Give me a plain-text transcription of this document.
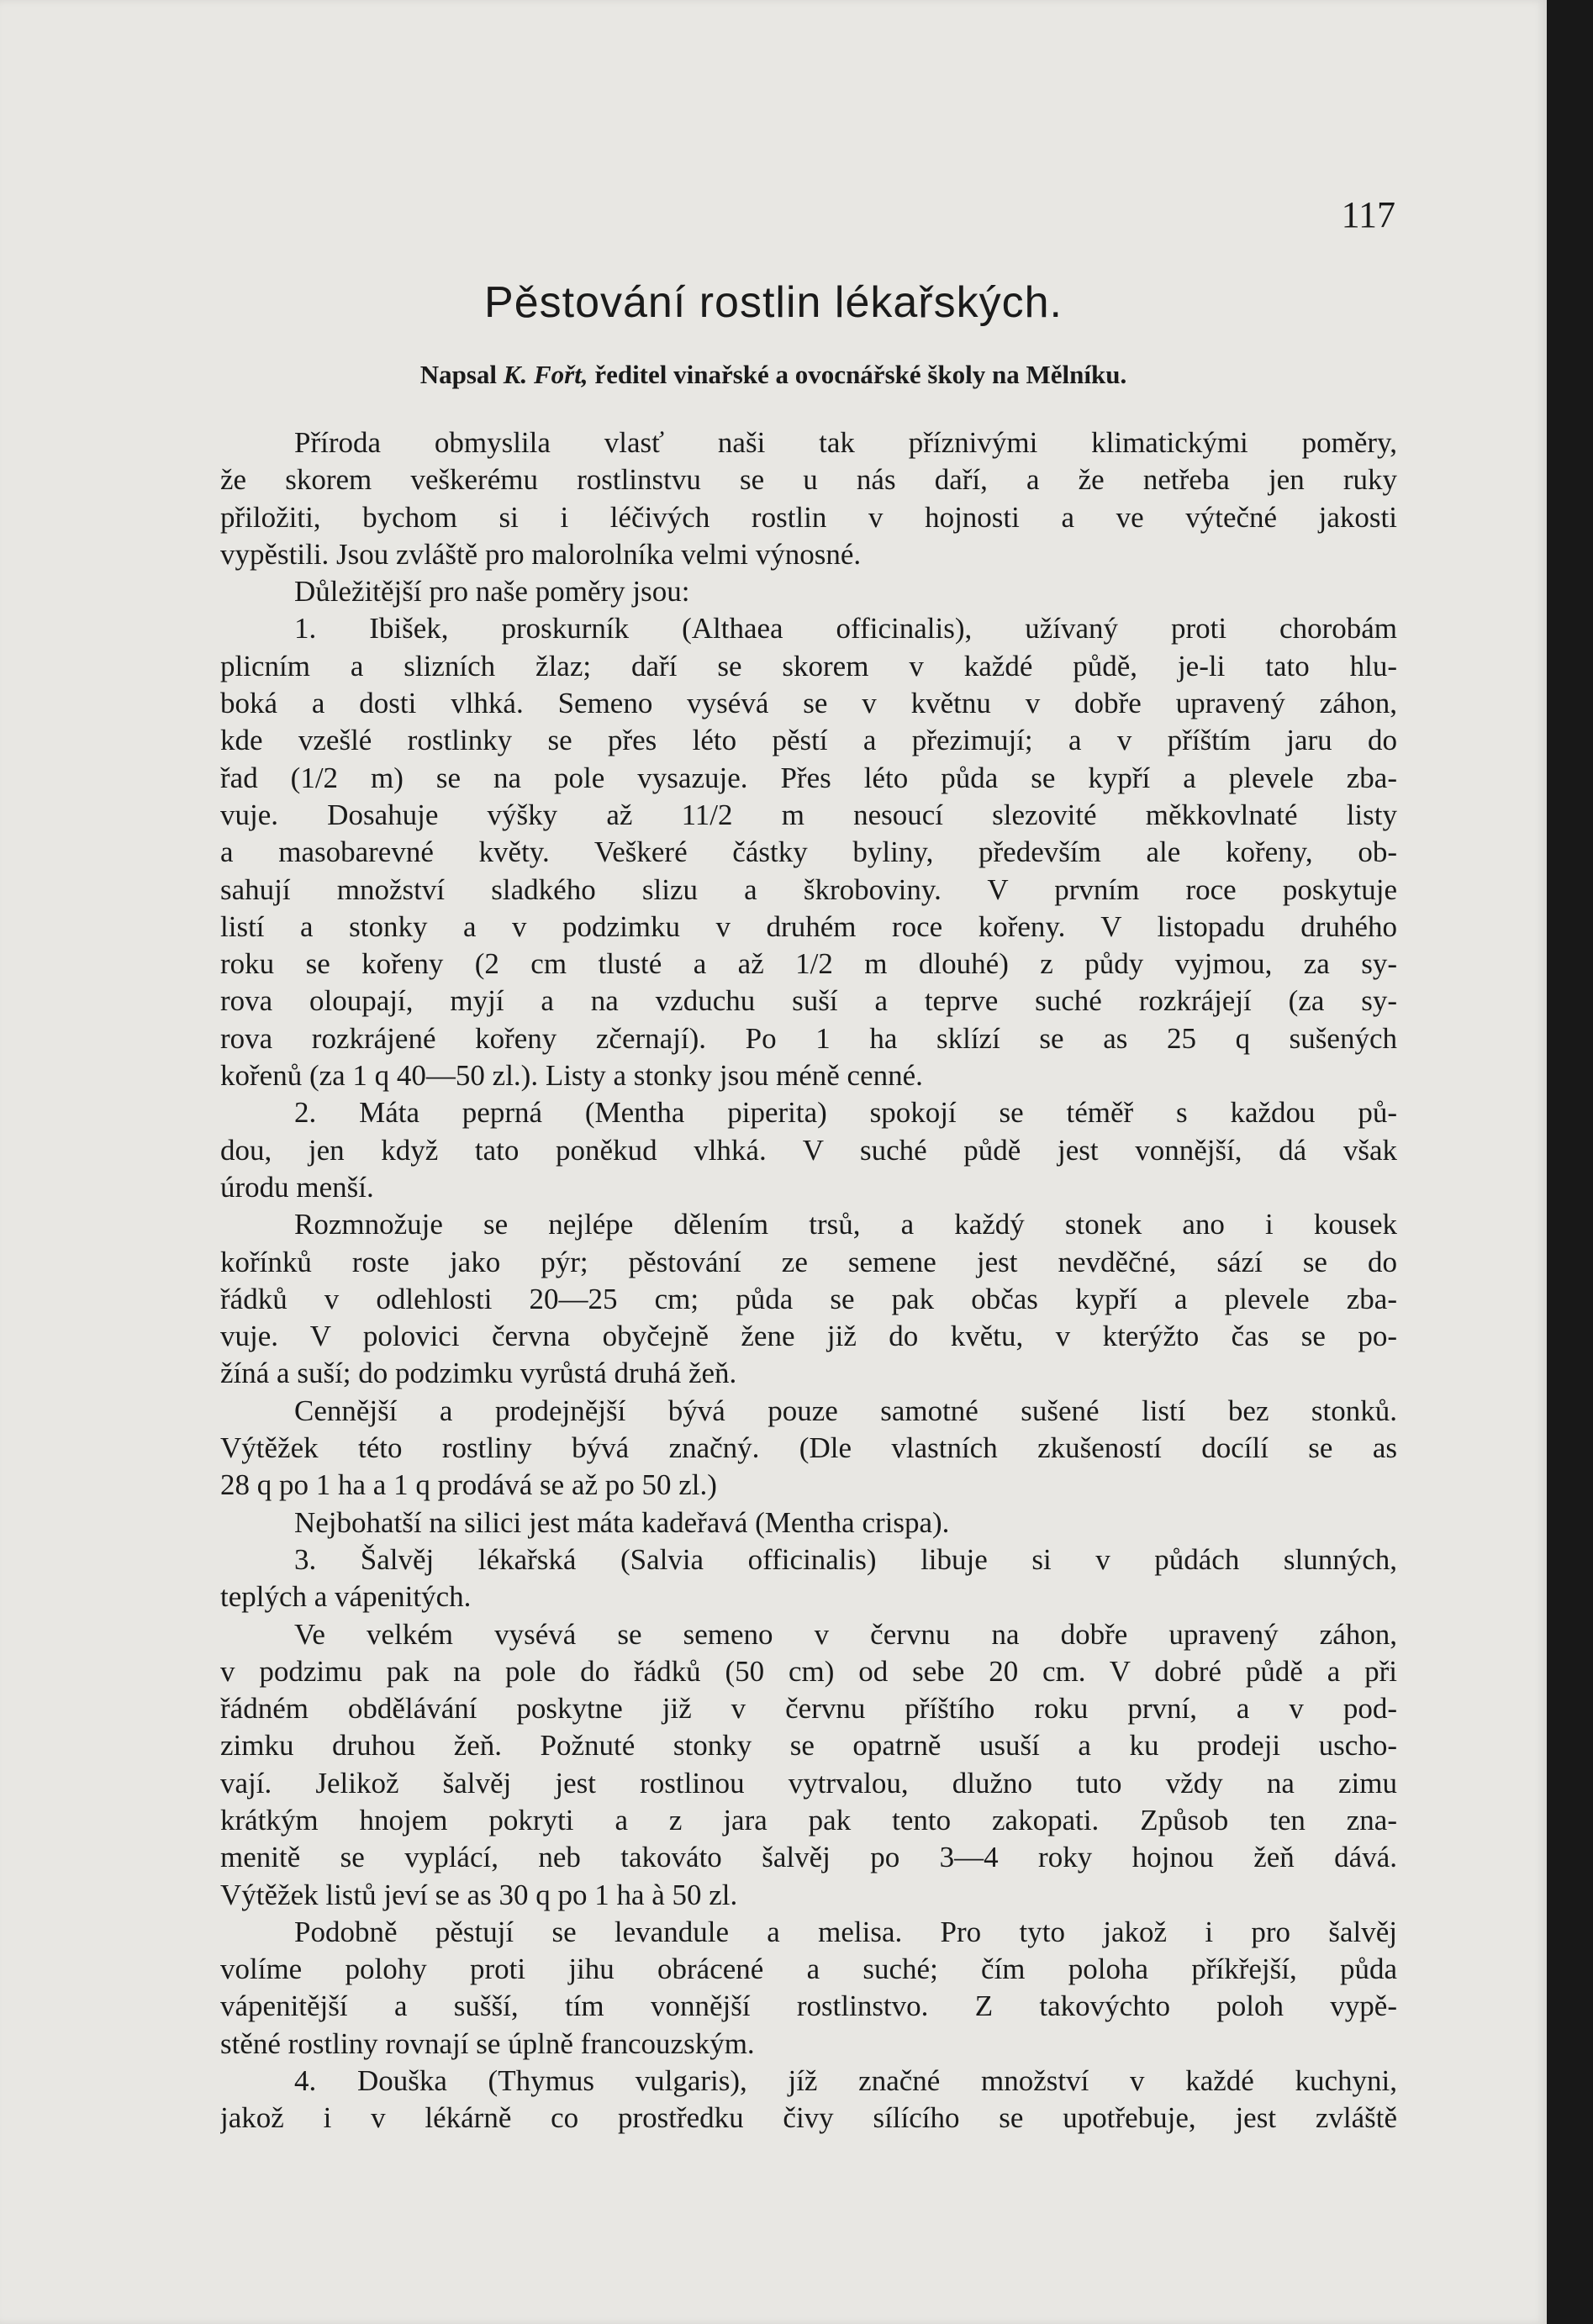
117
Pěstování rostlin lékařských.
Napsal K. Fořt, ředitel vinařské a ovocnářské školy na Mělníku.
Příroda obmyslila vlasť naši tak příznivými klimatickými poměry,
že skorem veškerému rostlinstvu se u nás daří, a že netřeba jen ruky
přiložiti, bychom si i léčivých rostlin v hojnosti a ve výtečné jakosti
vypěstili. Jsou zvláště pro malorolníka velmi výnosné.
Důležitější pro naše poměry jsou:
1. Ibišek, proskurník (Althaea officinalis), užívaný proti chorobám
plicním a slizních žlaz; daří se skorem v každé půdě, je-li tato hlu-
boká a dosti vlhká. Semeno vysévá se v květnu v dobře upravený záhon,
kde vzešlé rostlinky se přes léto pěstí a přezimují; a v příštím jaru do
řad (1/2 m) se na pole vysazuje. Přes léto půda se kypří a plevele zba-
vuje. Dosahuje výšky až 11/2 m nesoucí slezovité měkkovlnaté listy
a masobarevné květy. Veškeré částky byliny, především ale kořeny, ob-
sahují množství sladkého slizu a škroboviny. V prvním roce poskytuje
listí a stonky a v podzimku v druhém roce kořeny. V listopadu druhého
roku se kořeny (2 cm tlusté a až 1/2 m dlouhé) z půdy vyjmou, za sy-
rova oloupají, myjí a na vzduchu suší a teprve suché rozkrájejí (za sy-
rova rozkrájené kořeny zčernají). Po 1 ha sklízí se as 25 q sušených
kořenů (za 1 q 40—50 zl.). Listy a stonky jsou méně cenné.
2. Máta peprná (Mentha piperita) spokojí se téměř s každou pů-
dou, jen když tato poněkud vlhká. V suché půdě jest vonnější, dá však
úrodu menší.
Rozmnožuje se nejlépe dělením trsů, a každý stonek ano i kousek
kořínků roste jako pýr; pěstování ze semene jest nevděčné, sází se do
řádků v odlehlosti 20—25 cm; půda se pak občas kypří a plevele zba-
vuje. V polovici června obyčejně žene již do květu, v kterýžto čas se po-
žíná a suší; do podzimku vyrůstá druhá žeň.
Cennější a prodejnější bývá pouze samotné sušené listí bez stonků.
Výtěžek této rostliny bývá značný. (Dle vlastních zkušeností docílí se as
28 q po 1 ha a 1 q prodává se až po 50 zl.)
Nejbohatší na silici jest máta kadeřavá (Mentha crispa).
3. Šalvěj lékařská (Salvia officinalis) libuje si v půdách slunných,
teplých a vápenitých.
Ve velkém vysévá se semeno v červnu na dobře upravený záhon,
v podzimu pak na pole do řádků (50 cm) od sebe 20 cm. V dobré půdě a při
řádném obdělávání poskytne již v červnu příštího roku první, a v pod-
zimku druhou žeň. Požnuté stonky se opatrně usuší a ku prodeji uscho-
vají. Jelikož šalvěj jest rostlinou vytrvalou, dlužno tuto vždy na zimu
krátkým hnojem pokryti a z jara pak tento zakopati. Způsob ten zna-
menitě se vyplácí, neb takováto šalvěj po 3—4 roky hojnou žeň dává.
Výtěžek listů jeví se as 30 q po 1 ha à 50 zl.
Podobně pěstují se levandule a melisa. Pro tyto jakož i pro šalvěj
volíme polohy proti jihu obrácené a suché; čím poloha příkřejší, půda
vápenitější a sušší, tím vonnější rostlinstvo. Z takovýchto poloh vypě-
stěné rostliny rovnají se úplně francouzským.
4. Douška (Thymus vulgaris), jíž značné množství v každé kuchyni,
jakož i v lékárně co prostředku čivy sílícího se upotřebuje, jest zvláště
